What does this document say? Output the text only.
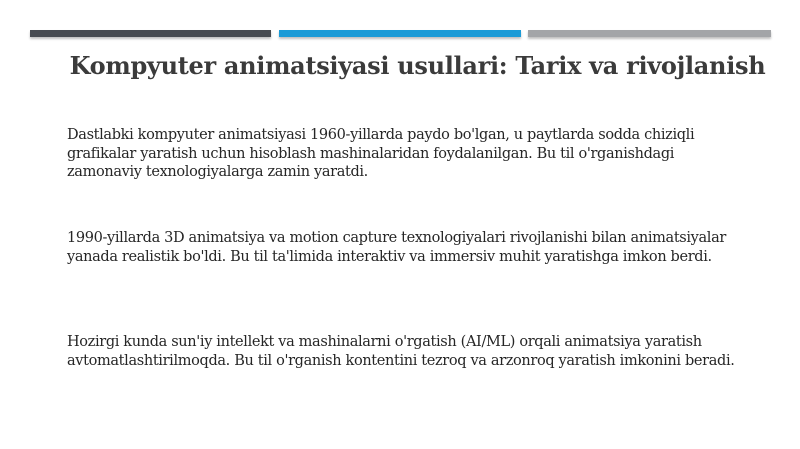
Kompyuter animatsiyasi usullari: Tarix va rivojlanish
Dastlabki kompyuter animatsiyasi 1960-yillarda paydo bo'lgan, u paytlarda sodda chiziqli
grafikalar yaratish uchun hisoblash mashinalaridan foydalanilgan. Bu til o'rganishdagi
zamonaviy texnologiyalarga zamin yaratdi.
1990-yillarda 3D animatsiya va motion capture texnologiyalari rivojlanishi bilan animatsiyalar
yanada realistik bo'ldi. Bu til ta'limida interaktiv va immersiv muhit yaratishga imkon berdi.
Hozirgi kunda sun'iy intellekt va mashinalarni o'rgatish (AI/ML) orqali animatsiya yaratish
avtomatlashtirilmoqda. Bu til o'rganish kontentini tezroq va arzonroq yaratish imkonini beradi.
